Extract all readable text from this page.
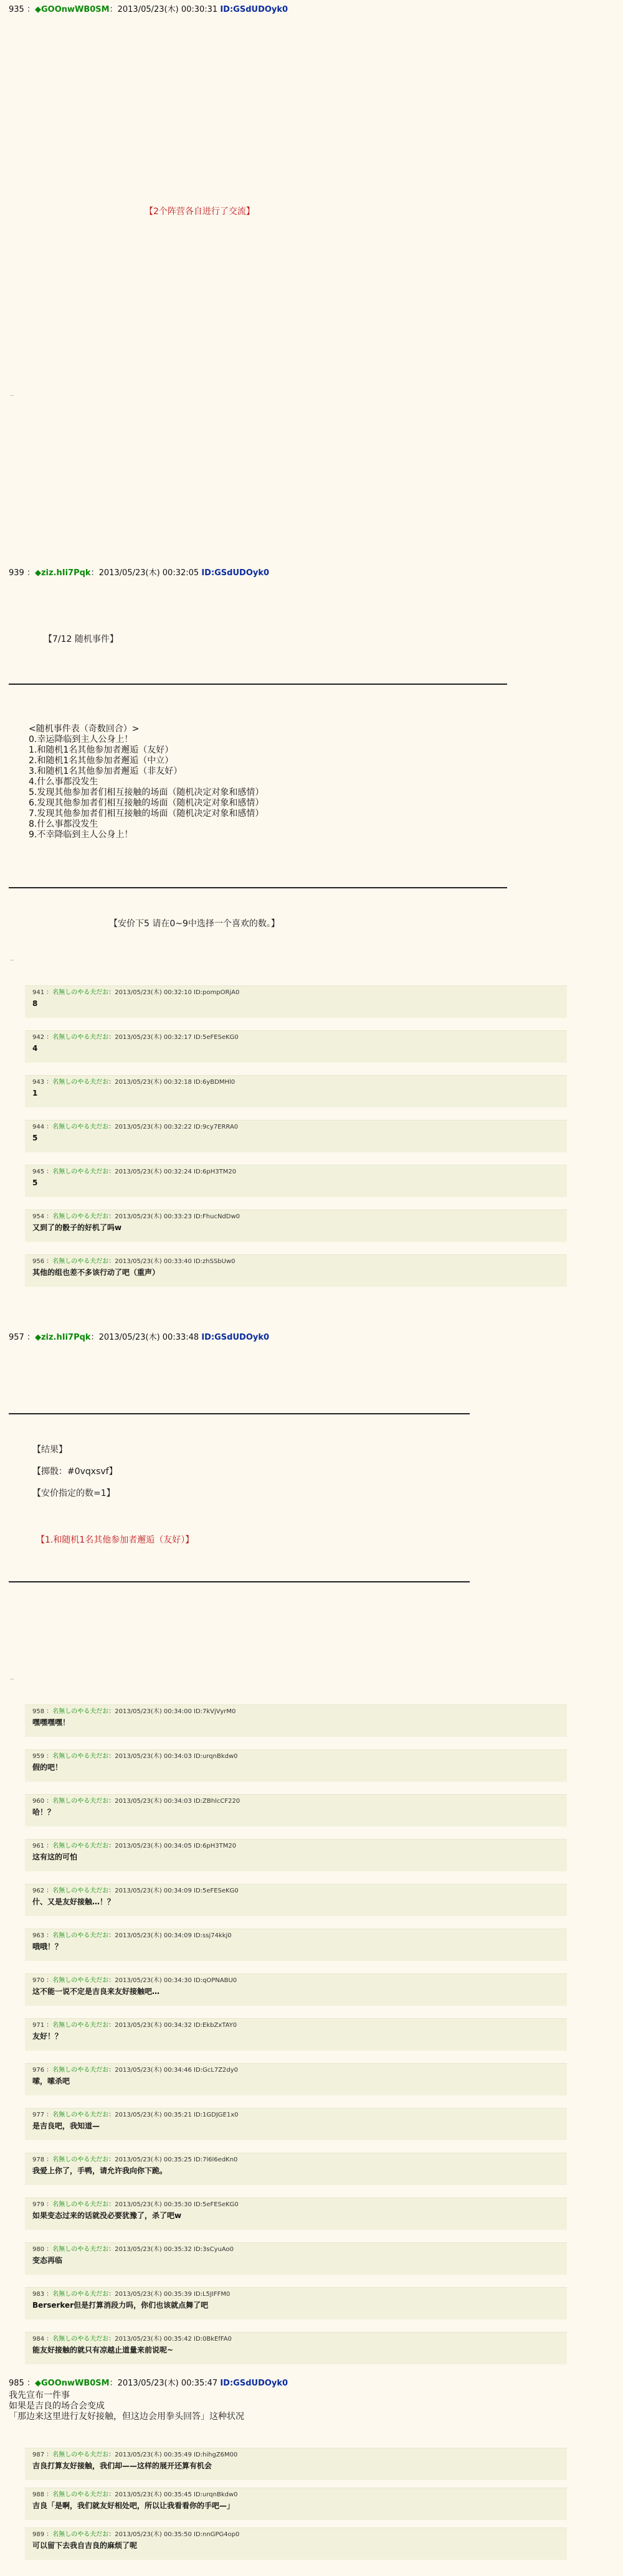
935 ：◆GOOnwWB0SM：2013/05/23(木) 00:30:31 ID:GSdUDOyk0
【2个阵营各自进行了交流】
..
939 ：◆ziz.hIi7Pqk：2013/05/23(木) 00:32:05 ID:GSdUDOyk0
【7/12 随机事件】
<随机事件表（奇数回合）>
0.幸运降临到主人公身上！
1.和随机1名其他参加者邂逅（友好）
2.和随机1名其他参加者邂逅（中立）
3.和随机1名其他参加者邂逅（非友好）
4.什么事都没发生
5.发现其他参加者们相互接触的场面（随机决定对象和感情）
6.发现其他参加者们相互接触的场面（随机决定对象和感情）
7.发现其他参加者们相互接触的场面（随机决定对象和感情）
8.什么事都没发生
9.不幸降临到主人公身上！
【安价下5 请在0~9中选择一个喜欢的数。】
..
941 ：名無しのやる夫だお：2013/05/23(木) 00:32:10 ID:pompORjA0
8
942 ：名無しのやる夫だお：2013/05/23(木) 00:32:17 ID:5eFESeKG0
4
943 ：名無しのやる夫だお：2013/05/23(木) 00:32:18 ID:6yBDMHl0
1
944 ：名無しのやる夫だお：2013/05/23(木) 00:32:22 ID:9cy7ERRA0
5
945 ：名無しのやる夫だお：2013/05/23(木) 00:32:24 ID:6pH3TM20
5
954 ：名無しのやる夫だお：2013/05/23(木) 00:33:23 ID:FhucNdDw0
又到了的骰子的好机了吗w
956 ：名無しのやる夫だお：2013/05/23(木) 00:33:40 ID:zhSSbUw0
其他的组也差不多该行动了吧（重声）
957 ：◆ziz.hIi7Pqk：2013/05/23(木) 00:33:48 ID:GSdUDOyk0
【结果】
【掷骰：#0vqxsvf】
【安价指定的数=1】
【1.和随机1名其他参加者邂逅（友好）】
..
958 ：名無しのやる夫だお：2013/05/23(木) 00:34:00 ID:7kVjVyrM0
嘿嘿嘿嘿！
959 ：名無しのやる夫だお：2013/05/23(木) 00:34:03 ID:urqnBkdw0
假的吧！
960 ：名無しのやる夫だお：2013/05/23(木) 00:34:03 ID:ZBhlcCF220
哈！？
961 ：名無しのやる夫だお：2013/05/23(木) 00:34:05 ID:6pH3TM20
这有这的可怕
962 ：名無しのやる夫だお：2013/05/23(木) 00:34:09 ID:5eFESeKG0
什、又是友好接触…！？
963 ：名無しのやる夫だお：2013/05/23(木) 00:34:09 ID:ssj74kkj0
哦哦！？
970 ：名無しのやる夫だお：2013/05/23(木) 00:34:30 ID:qOPNABU0
这不能一说不定是吉良来友好接触吧…
971 ：名無しのやる夫だお：2013/05/23(木) 00:34:32 ID:EkbZxTAY0
友好！？
976 ：名無しのやる夫だお：2013/05/23(木) 00:34:46 ID:GcL7Z2dy0
嗦，嗦杀吧
977 ：名無しのやる夫だお：2013/05/23(木) 00:35:21 ID:1GDJGE1x0
是吉良吧，我知道—
978 ：名無しのやる夫だお：2013/05/23(木) 00:35:25 ID:7l6l6edKn0
我爱上你了，手鸭，请允许我向你下跪。
979 ：名無しのやる夫だお：2013/05/23(木) 00:35:30 ID:5eFESeKG0
如果变态过来的话就没必要犹豫了，杀了吧w
980 ：名無しのやる夫だお：2013/05/23(木) 00:35:32 ID:3sCyuAo0
变态再临
983 ：名無しのやる夫だお：2013/05/23(木) 00:35:39 ID:L5JIFFM0
Berserker但是打算消段力吗，你们也该就点舞了吧
984 ：名無しのやる夫だお：2013/05/23(木) 00:35:42 ID:0BkEfFA0
能友好接触的就只有凉越止道量来前说呢~
985 ：◆GOOnwWB0SM：2013/05/23(木) 00:35:47 ID:GSdUDOyk0
我先宣布一件事
如果是吉良的场合会变成
「那边来这里进行友好接触，但这边会用拳头回答」这种状况
987 ：名無しのやる夫だお：2013/05/23(木) 00:35:49 ID:hihgZ6M00
吉良打算友好接触，我们却——这样的展开还算有机会
988 ：名無しのやる夫だお：2013/05/23(木) 00:35:45 ID:urqnBkdw0
吉良「是啊，我们就友好相处吧，所以让我看看你的手吧—」
989 ：名無しのやる夫だお：2013/05/23(木) 00:35:50 ID:nnGPG4op0
可以留下去我自吉良的麻烦了呢
